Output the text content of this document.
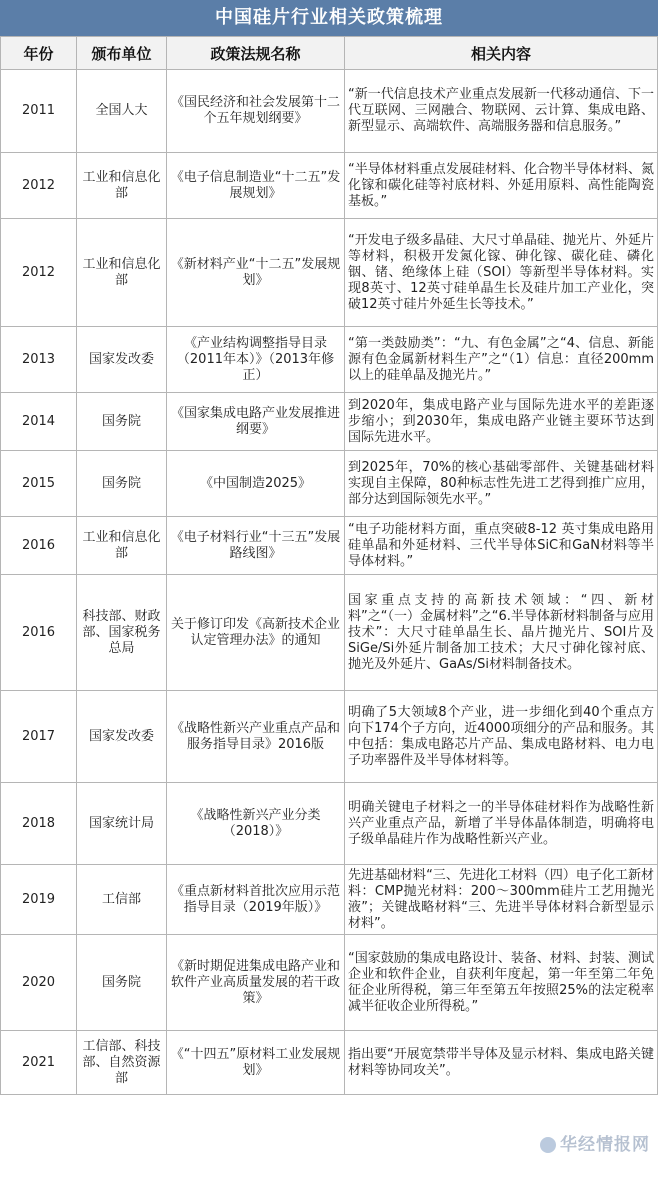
中国硅片行业相关政策梳理
年份	颁布单位	政策法规名称	相关内容
2011	全国人大	《国民经济和社会发展第十二个五年规划纲要》	“新一代信息技术产业重点发展新一代移动通信、下一代互联网、三网融合、物联网、云计算、集成电路、新型显示、高端软件、高端服务器和信息服务。”
2012	工业和信息化部	《电子信息制造业“十二五”发展规划》	“半导体材料重点发展硅材料、化合物半导体材料、氮化镓和碳化硅等衬底材料、外延用原料、高性能陶瓷基板。”
2012	工业和信息化部	《新材料产业“十二五”发展规划》	“开发电子级多晶硅、大尺寸单晶硅、抛光片、外延片等材料，积极开发氮化镓、砷化镓、碳化硅、磷化铟、锗、绝缘体上硅（SOI）等新型半导体材料。实现8英寸、12英寸硅单晶生长及硅片加工产业化，突破12英寸硅片外延生长等技术。”
2013	国家发改委	《产业结构调整指导目录（2011年本）》（2013年修正）	“第一类鼓励类”：“九、有色金属”之“4、信息、新能源有色金属新材料生产”之“（1）信息：直径200mm以上的硅单晶及抛光片。”
2014	国务院	《国家集成电路产业发展推进纲要》	到2020年，集成电路产业与国际先进水平的差距逐步缩小；到2030年，集成电路产业链主要环节达到国际先进水平。
2015	国务院	《中国制造2025》	到2025年，70%的核心基础零部件、关键基础材料实现自主保障，80种标志性先进工艺得到推广应用，部分达到国际领先水平。”
2016	工业和信息化部	《电子材料行业“十三五”发展路线图》	“电子功能材料方面，重点突破8-12 英寸集成电路用硅单晶和外延材料、三代半导体SiC和GaN材料等半导体材料。”
2016	科技部、财政部、国家税务总局	关于修订印发《高新技术企业认定管理办法》的通知	国家重点支持的高新技术领域：“四、新材料”之“（一）金属材料”之“6.半导体新材料制备与应用技术”：大尺寸硅单晶生长、晶片抛光片、SOI片及SiGe/Si外延片制备加工技术；大尺寸砷化镓衬底、抛光及外延片、GaAs/Si材料制备技术。
2017	国家发改委	《战略性新兴产业重点产品和服务指导目录》2016版	明确了5大领域8个产业，进一步细化到40个重点方向下174个子方向，近4000项细分的产品和服务。其中包括：集成电路芯片产品、集成电路材料、电力电子功率器件及半导体材料等。
2018	国家统计局	《战略性新兴产业分类（2018）》	明确关键电子材料之一的半导体硅材料作为战略性新兴产业重点产品，新增了半导体晶体制造，明确将电子级单晶硅片作为战略性新兴产业。
2019	工信部	《重点新材料首批次应用示范指导目录（2019年版）》	先进基础材料“三、先进化工材料（四）电子化工新材料：CMP抛光材料：200～300mm硅片工艺用抛光液”；关键战略材料“三、先进半导体材料合新型显示材料”。
2020	国务院	《新时期促进集成电路产业和软件产业高质量发展的若干政策》	“国家鼓励的集成电路设计、装备、材料、封装、测试企业和软件企业，自获利年度起，第一年至第二年免征企业所得税，第三年至第五年按照25%的法定税率减半征收企业所得税。”
2021	工信部、科技部、自然资源部	《“十四五”原材料工业发展规划》	指出要“开展宽禁带半导体及显示材料、集成电路关键材料等协同攻关”。
华经情报网
